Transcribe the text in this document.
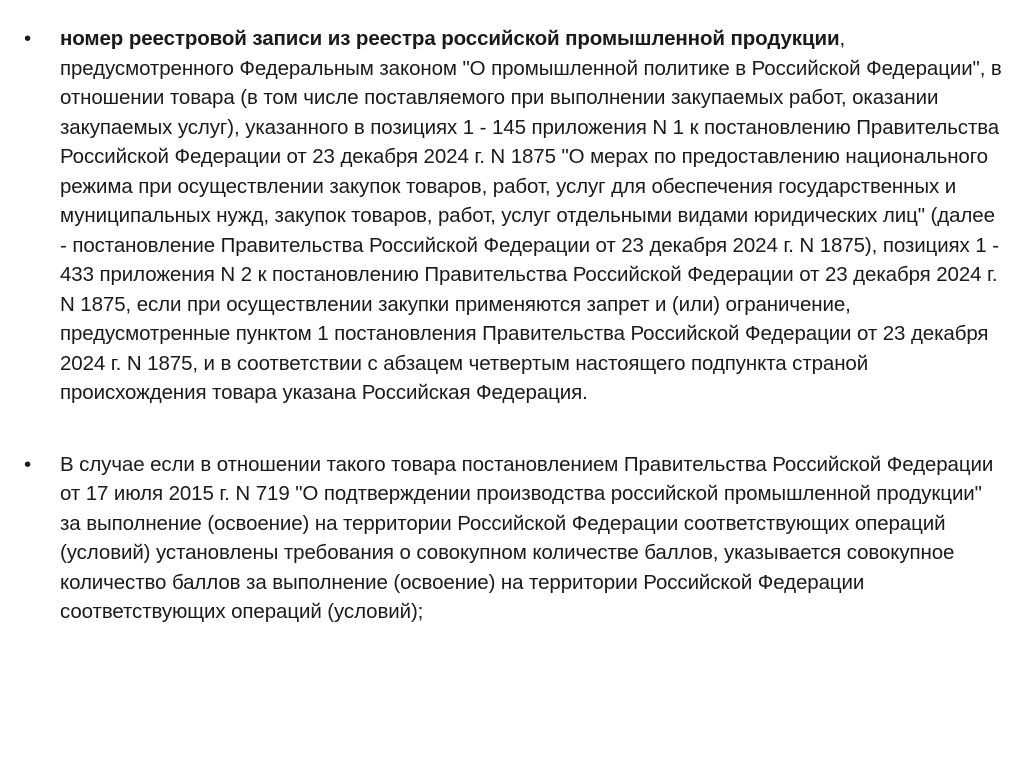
•	номер реестровой записи из реестра российской промышленной продукции, предусмотренного Федеральным законом "О промышленной политике в Российской Федерации", в отношении товара (в том числе поставляемого при выполнении закупаемых работ, оказании закупаемых услуг), указанного в позициях 1 - 145 приложения N 1 к постановлению Правительства Российской Федерации от 23 декабря 2024 г. N 1875 "О мерах по предоставлению национального режима при осуществлении закупок товаров, работ, услуг для обеспечения государственных и муниципальных нужд, закупок товаров, работ, услуг отдельными видами юридических лиц" (далее - постановление Правительства Российской Федерации от 23 декабря 2024 г. N 1875), позициях 1 - 433 приложения N 2 к постановлению Правительства Российской Федерации от 23 декабря 2024 г. N 1875, если при осуществлении закупки применяются запрет и (или) ограничение, предусмотренные пунктом 1 постановления Правительства Российской Федерации от 23 декабря 2024 г. N 1875, и в соответствии с абзацем четвертым настоящего подпункта страной происхождения товара указана Российская Федерация.
•	В случае если в отношении такого товара постановлением Правительства Российской Федерации от 17 июля 2015 г. N 719 "О подтверждении производства российской промышленной продукции" за выполнение (освоение) на территории Российской Федерации соответствующих операций (условий) установлены требования о совокупном количестве баллов, указывается совокупное количество баллов за выполнение (освоение) на территории Российской Федерации соответствующих операций (условий);
